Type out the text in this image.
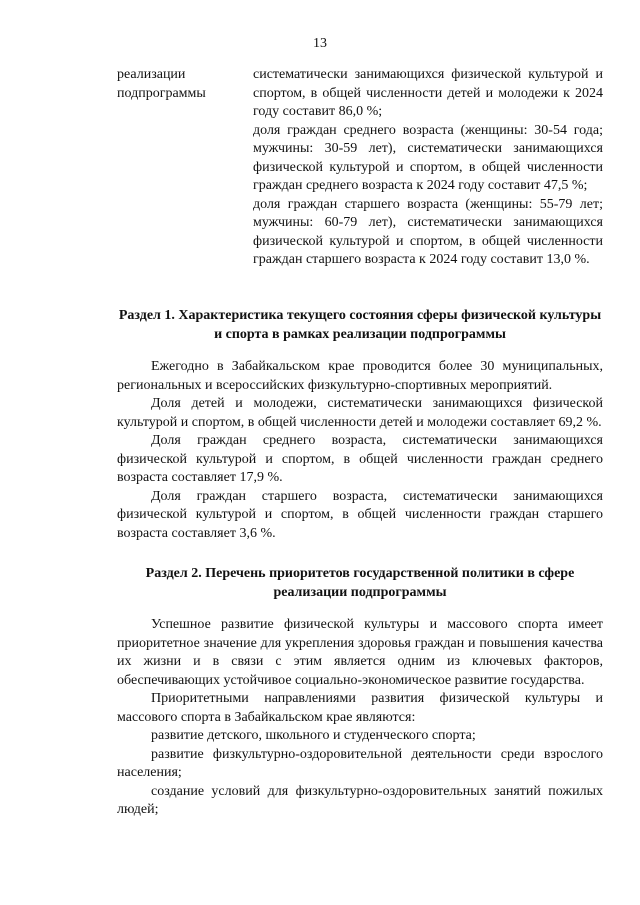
13
реализации
подпрограммы

систематически занимающихся физической культурой и спортом, в общей численности детей и молодежи к 2024 году составит 86,0 %;

доля граждан среднего возраста (женщины: 30-54 года; мужчины: 30-59 лет), систематически занимающихся физической культурой и спортом, в общей численности граждан среднего возраста к 2024 году составит 47,5 %;

доля граждан старшего возраста (женщины: 55-79 лет; мужчины: 60-79 лет), систематически занимающихся физической культурой и спортом, в общей численности граждан старшего возраста к 2024 году составит 13,0 %.

Раздел 1. Характеристика текущего состояния сферы физической культуры и спорта в рамках реализации подпрограммы

Ежегодно в Забайкальском крае проводится более 30 муниципальных, региональных и всероссийских физкультурно-спортивных мероприятий.

Доля детей и молодежи, систематически занимающихся физической культурой и спортом, в общей численности детей и молодежи составляет 69,2 %.

Доля граждан среднего возраста, систематически занимающихся физической культурой и спортом, в общей численности граждан среднего возраста составляет 17,9 %.

Доля граждан старшего возраста, систематически занимающихся физической культурой и спортом, в общей численности граждан старшего возраста составляет 3,6 %.

Раздел 2. Перечень приоритетов государственной политики в сфере реализации подпрограммы

Успешное развитие физической культуры и массового спорта имеет приоритетное значение для укрепления здоровья граждан и повышения качества их жизни и в связи с этим является одним из ключевых факторов, обеспечивающих устойчивое социально-экономическое развитие государства.

Приоритетными направлениями развития физической культуры и массового спорта в Забайкальском крае являются:

развитие детского, школьного и студенческого спорта;

развитие физкультурно-оздоровительной деятельности среди взрослого населения;

создание условий для физкультурно-оздоровительных занятий пожилых людей;
